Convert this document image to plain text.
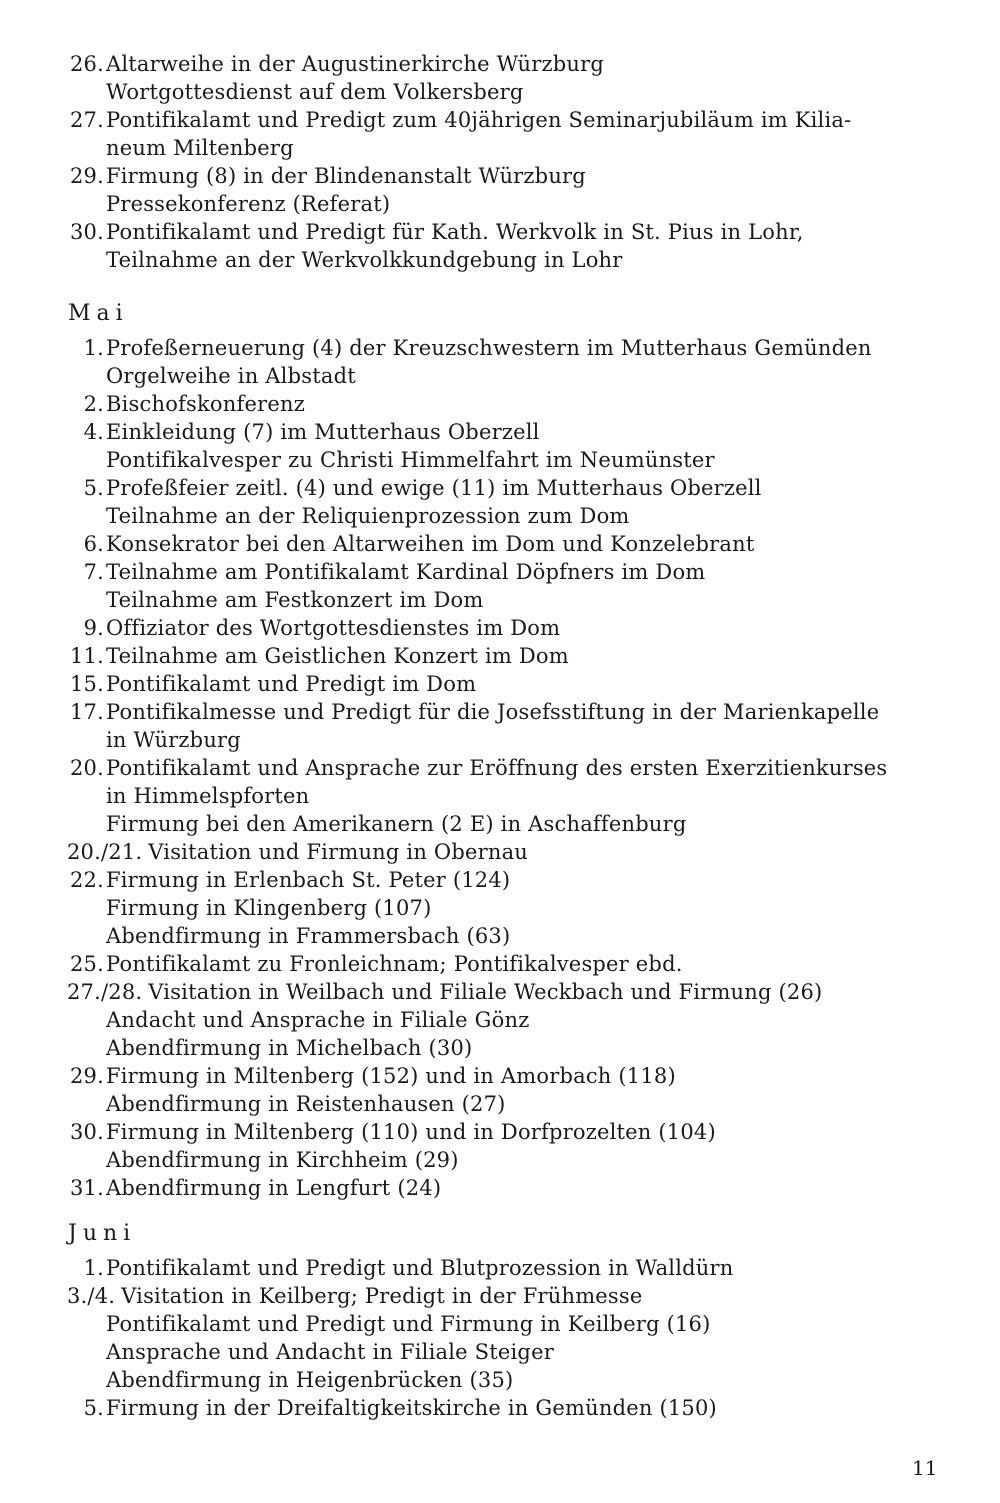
26. Altarweihe in der Augustinerkirche Würzburg
Wortgottesdienst auf dem Volkersberg
27. Pontifikalamt und Predigt zum 40jährigen Seminarjubiläum im Kilia-
neum Miltenberg
29. Firmung (8) in der Blindenanstalt Würzburg
Pressekonferenz (Referat)
30. Pontifikalamt und Predigt für Kath. Werkvolk in St. Pius in Lohr,
Teilnahme an der Werkvolkkundgebung in Lohr
Mai
1. Profeßerneuerung (4) der Kreuzschwestern im Mutterhaus Gemünden
Orgelweihe in Albstadt
2. Bischofskonferenz
4. Einkleidung (7) im Mutterhaus Oberzell
Pontifikalvesper zu Christi Himmelfahrt im Neumünster
5. Profeßfeier zeitl. (4) und ewige (11) im Mutterhaus Oberzell
Teilnahme an der Reliquienprozession zum Dom
6. Konsekrator bei den Altarweihen im Dom und Konzelebrant
7. Teilnahme am Pontifikalamt Kardinal Döpfners im Dom
Teilnahme am Festkonzert im Dom
9. Offiziator des Wortgottesdienstes im Dom
11. Teilnahme am Geistlichen Konzert im Dom
15. Pontifikalamt und Predigt im Dom
17. Pontifikalmesse und Predigt für die Josefsstiftung in der Marienkapelle
in Würzburg
20. Pontifikalamt und Ansprache zur Eröffnung des ersten Exerzitienkurses
in Himmelspforten
Firmung bei den Amerikanern (2 E) in Aschaffenburg
20./21. Visitation und Firmung in Obernau
22. Firmung in Erlenbach St. Peter (124)
Firmung in Klingenberg (107)
Abendfirmung in Frammersbach (63)
25. Pontifikalamt zu Fronleichnam; Pontifikalvesper ebd.
27./28. Visitation in Weilbach und Filiale Weckbach und Firmung (26)
Andacht und Ansprache in Filiale Gönz
Abendfirmung in Michelbach (30)
29. Firmung in Miltenberg (152) und in Amorbach (118)
Abendfirmung in Reistenhausen (27)
30. Firmung in Miltenberg (110) und in Dorfprozelten (104)
Abendfirmung in Kirchheim (29)
31. Abendfirmung in Lengfurt (24)
Juni
1. Pontifikalamt und Predigt und Blutprozession in Walldürn
3./4. Visitation in Keilberg; Predigt in der Frühmesse
Pontifikalamt und Predigt und Firmung in Keilberg (16)
Ansprache und Andacht in Filiale Steiger
Abendfirmung in Heigenbrücken (35)
5. Firmung in der Dreifaltigkeitskirche in Gemünden (150)
11
